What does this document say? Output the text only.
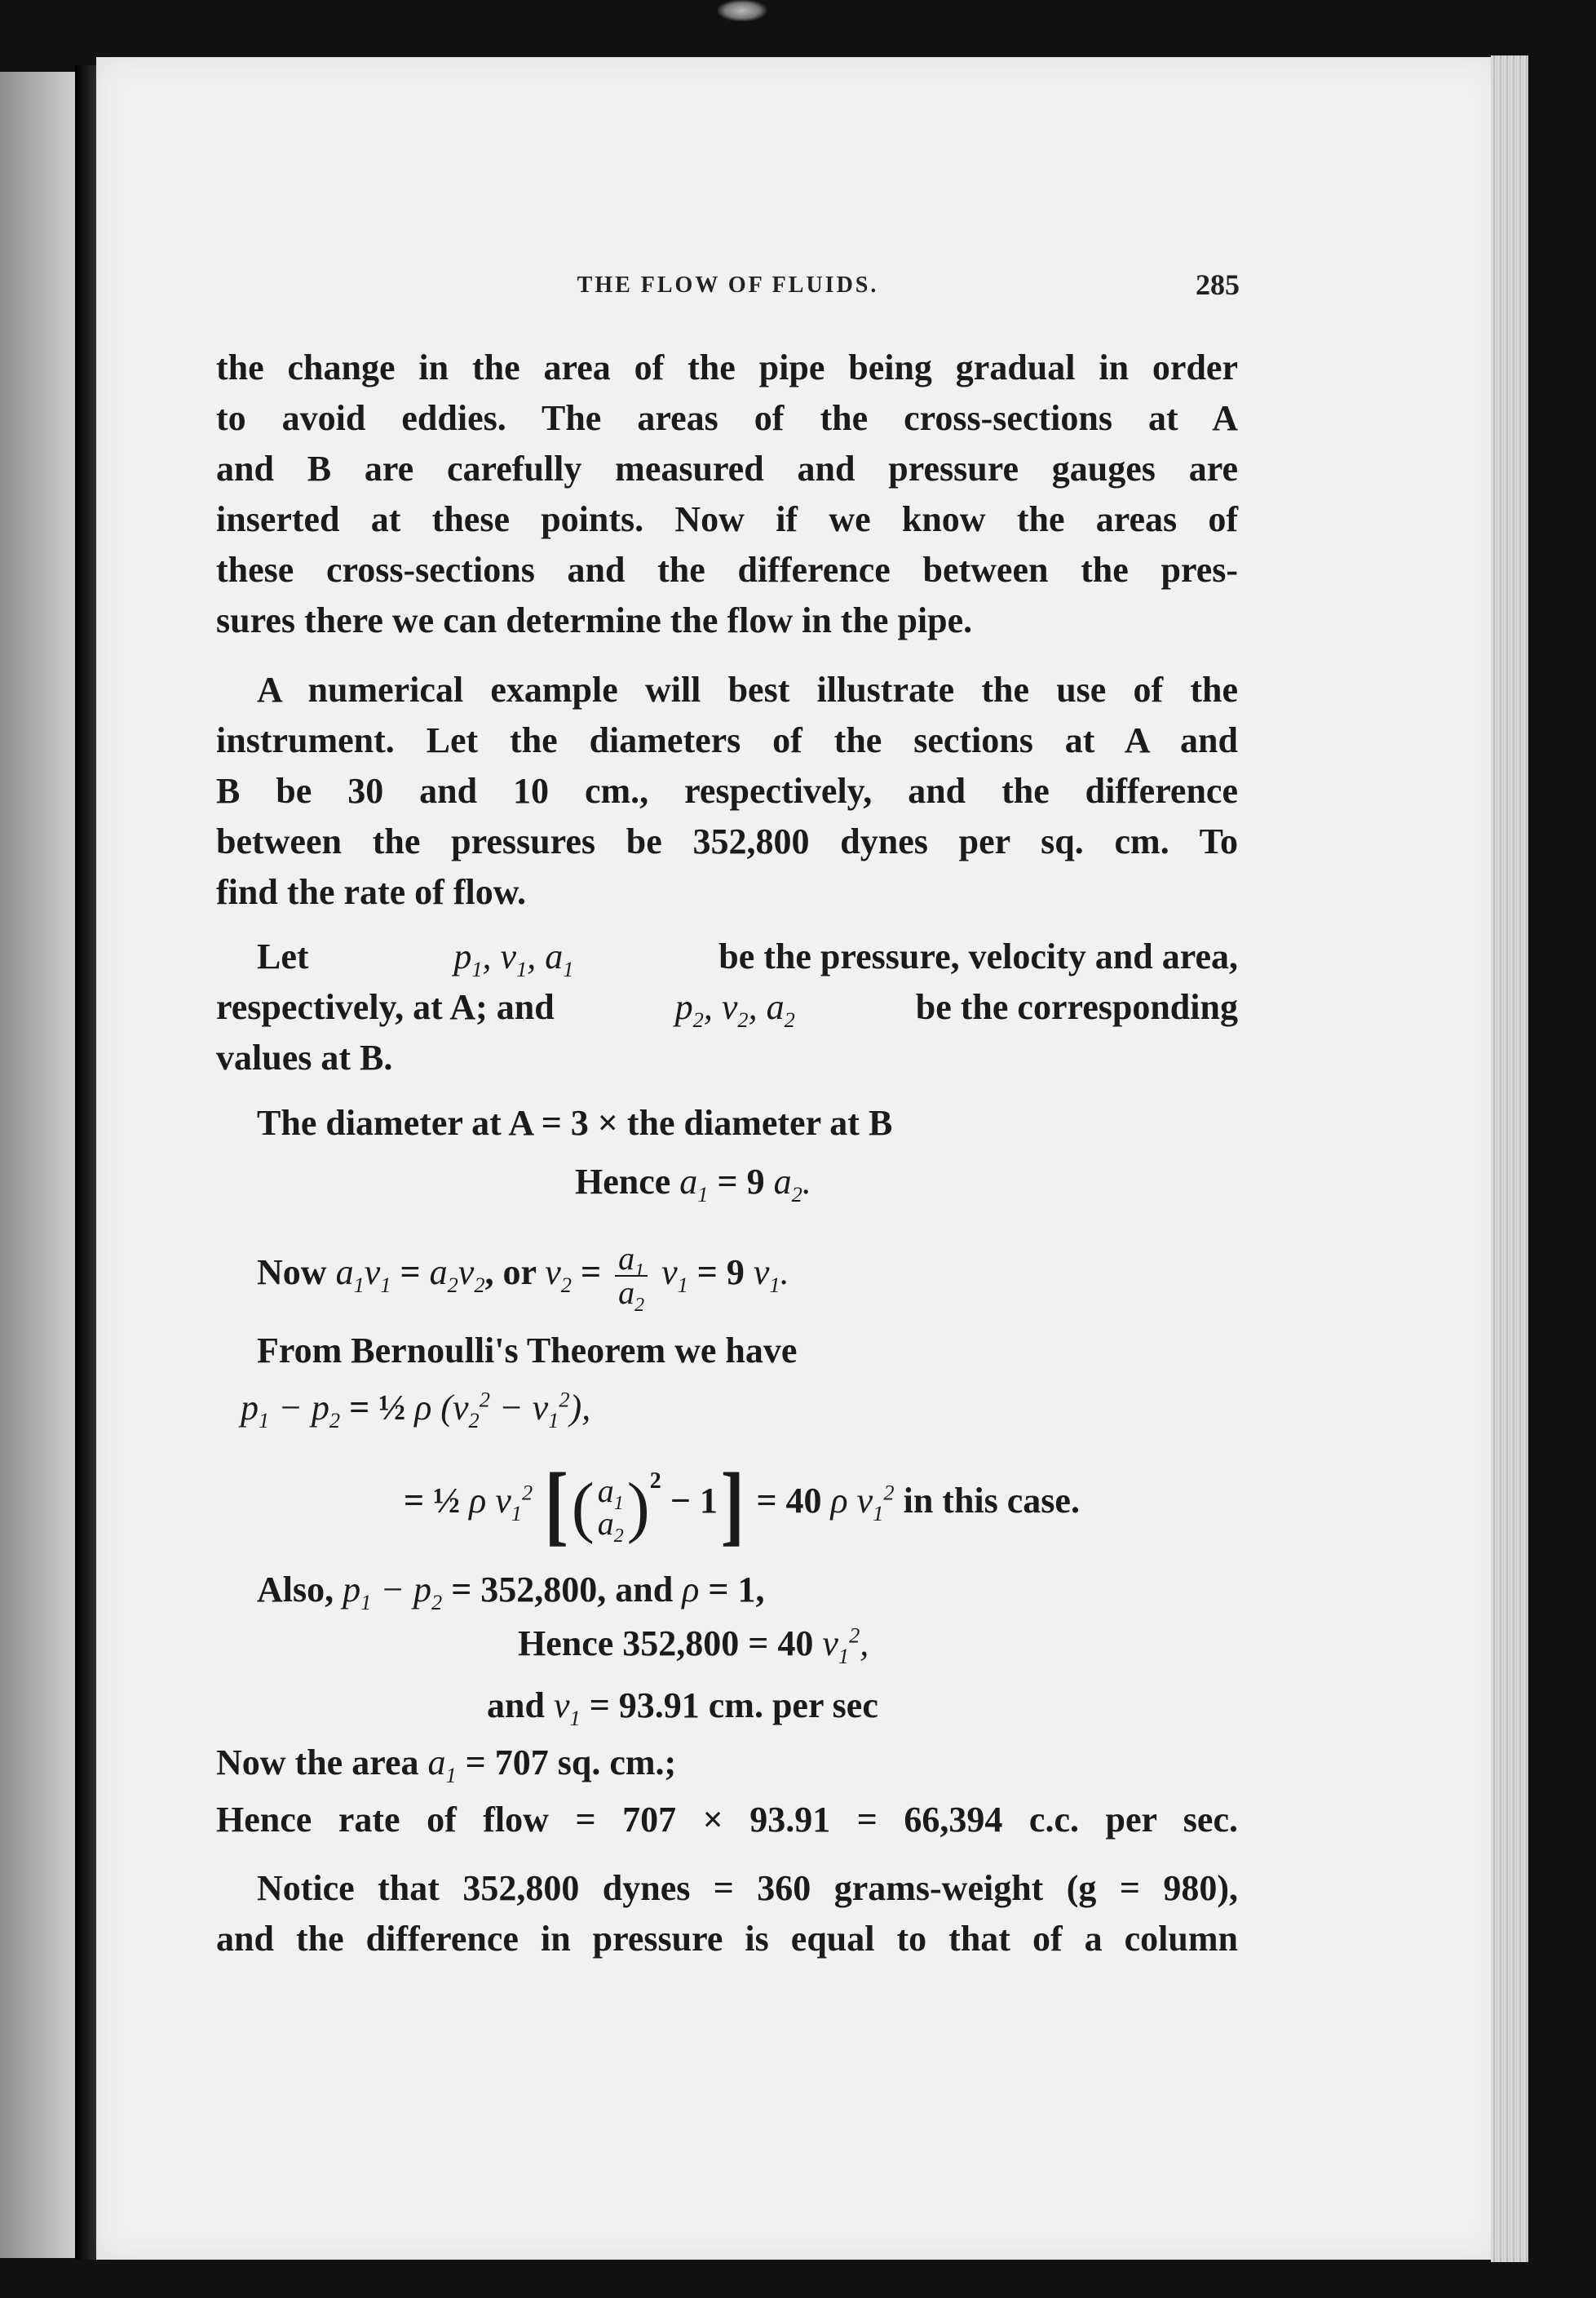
THE FLOW OF FLUIDS.	285
the change in the area of the pipe being gradual in order
to avoid eddies. The areas of the cross-sections at A
and B are carefully measured and pressure gauges are
inserted at these points. Now if we know the areas of
these cross-sections and the difference between the pres-
sures there we can determine the flow in the pipe.
A numerical example will best illustrate the use of the
instrument. Let the diameters of the sections at A and
B be 30 and 10 cm., respectively, and the difference
between the pressures be 352,800 dynes per sq. cm. To
find the rate of flow.
Let	$p_1$, $v_1$, $a_1$	be the pressure, velocity and area,
respectively, at A; and	$p_2$, $v_2$, $a_2$	be the corresponding
values at B.
The diameter at A = 3 × the diameter at B
Hence $a_1 = 9$ $a_2$.
Now $a_1v_1 = a_2v_2$, or $v_2 = \frac{a_1}{a_2} v_1 = 9$ $v_1$.
From Bernoulli's Theorem we have
$p_1 - p_2$ = ½ ρ $(v_2^2 - v_1^2)$,
= ½ ρ $v_1^2$ [( $a_1$
$a_2$ )$^2$ − 1] = 40 ρ $v_1^2$ in this case.
Also, $p_1 - p_2 = 352,800$, and ρ = 1,
Hence 352,800 = 40 $v_1^2$,
and $v_1 = 93.91$ cm. per sec
Now the area $a_1 = 707$ sq. cm.;
Hence rate of flow = 707 × 93.91 = 66,394 c.c. per sec.
Notice that 352,800 dynes = 360 grams-weight (g = 980),
and the difference in pressure is equal to that of a column
